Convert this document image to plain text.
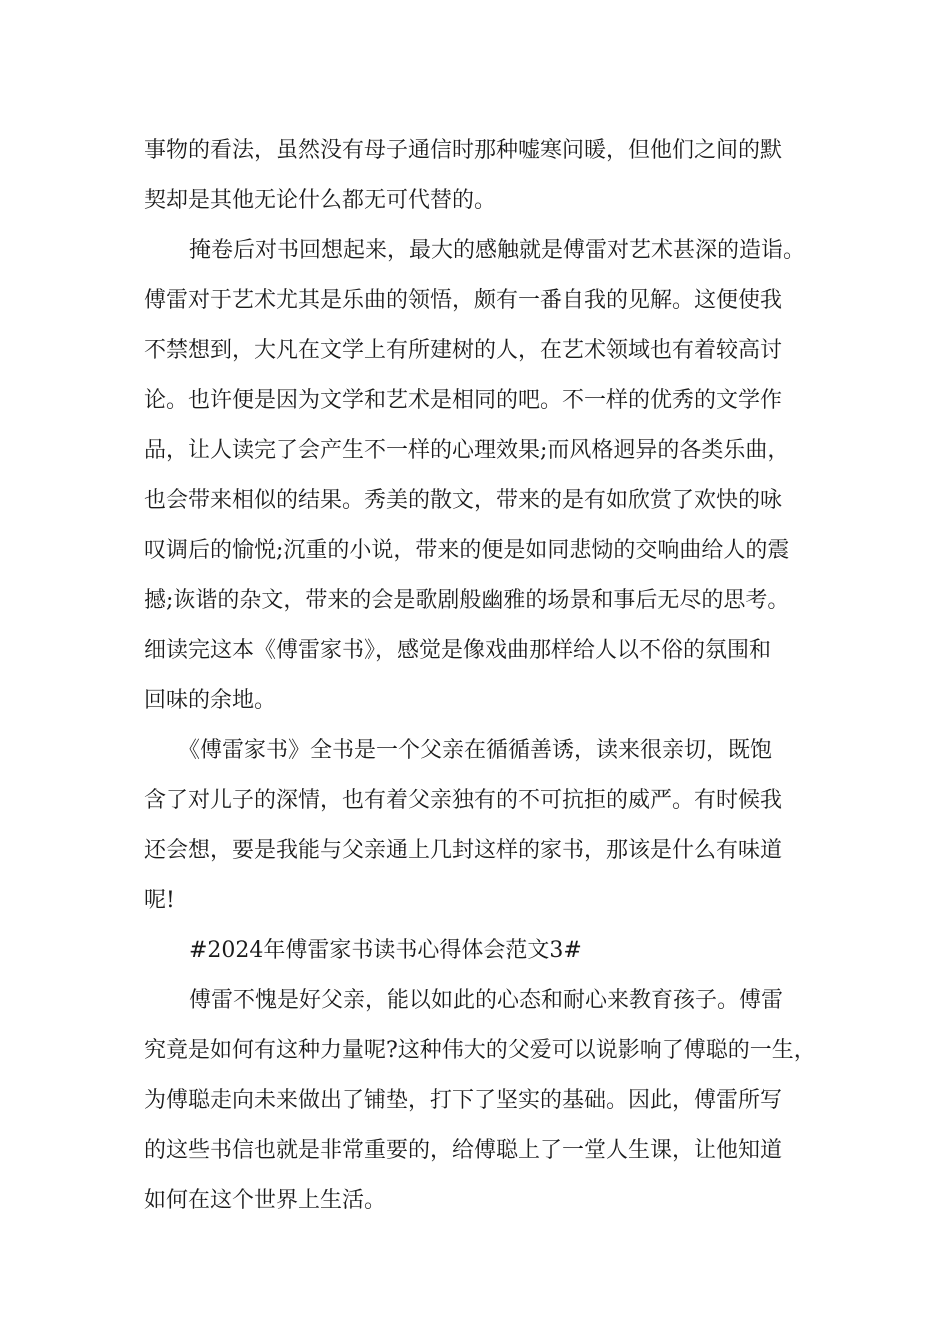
事物的看法，虽然没有母子通信时那种嘘寒问暖，但他们之间的默
契却是其他无论什么都无可代替的。
掩卷后对书回想起来，最大的感触就是傅雷对艺术甚深的造诣。
傅雷对于艺术尤其是乐曲的领悟，颇有一番自我的见解。这便使我
不禁想到，大凡在文学上有所建树的人，在艺术领域也有着较高讨
论。也许便是因为文学和艺术是相同的吧。不一样的优秀的文学作
品，让人读完了会产生不一样的心理效果;而风格迥异的各类乐曲，
也会带来相似的结果。秀美的散文，带来的是有如欣赏了欢快的咏
叹调后的愉悦;沉重的小说，带来的便是如同悲恸的交响曲给人的震
撼;诙谐的杂文，带来的会是歌剧般幽雅的场景和事后无尽的思考。
细读完这本《傅雷家书》，感觉是像戏曲那样给人以不俗的氛围和
回味的余地。
《傅雷家书》全书是一个父亲在循循善诱，读来很亲切，既饱
含了对儿子的深情，也有着父亲独有的不可抗拒的威严。有时候我
还会想，要是我能与父亲通上几封这样的家书，那该是什么有味道
呢!
#2024年傅雷家书读书心得体会范文3#
傅雷不愧是好父亲，能以如此的心态和耐心来教育孩子。傅雷
究竟是如何有这种力量呢?这种伟大的父爱可以说影响了傅聪的一生，
为傅聪走向未来做出了铺垫，打下了坚实的基础。因此，傅雷所写
的这些书信也就是非常重要的，给傅聪上了一堂人生课，让他知道
如何在这个世界上生活。
